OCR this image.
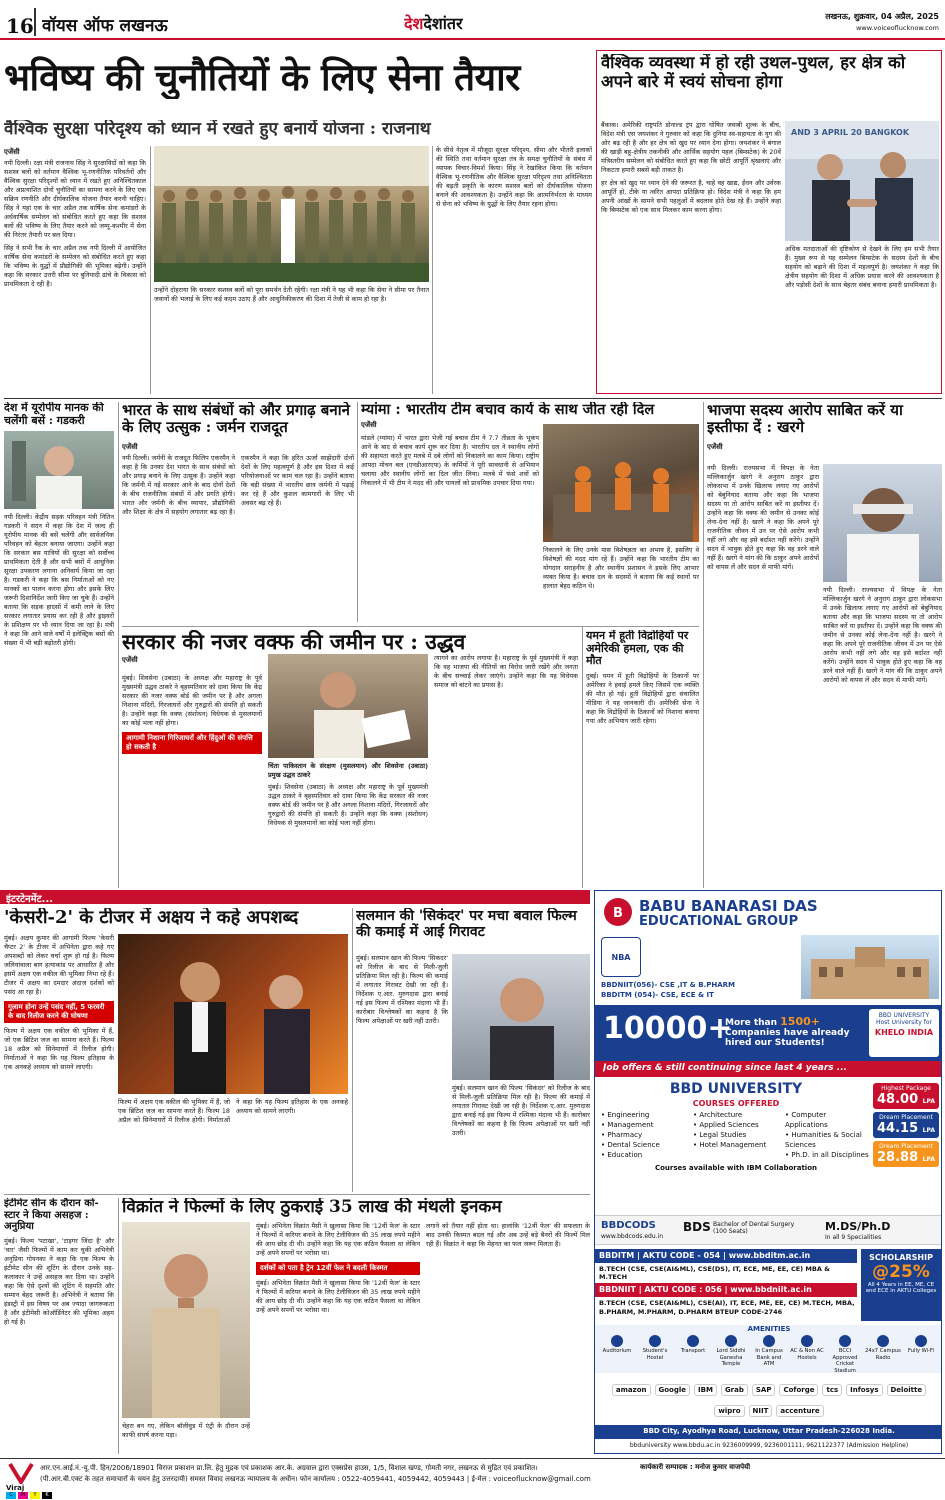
16 वॉयस ऑफ लखनऊ	देशदेशांतर	लखनऊ, शुक्रवार, 04 अप्रैल, 2025
www.voiceoflucknow.com
भविष्य की चुनौतियों के लिए सेना तैयार
वैश्विक सुरक्षा परिदृश्य को ध्यान में रखते हुए बनायें योजना : राजनाथ
एजेंसी
नयी दिल्ली। रक्षा मंत्री राजनाथ सिंह ने सुरक्षाविदों को कहा कि सशस्त्र बलों को वर्तमान वैश्विक भू-रणनीतिक परिवर्तनों और वैश्विक सुरक्षा परिदृश्यों को ध्यान में रखते हुए अनिश्चितकाल और अप्रत्याशित दोनों चुनौतियों का सामना करने के लिए एक सक्रिय रणनीति और दीर्घकालिक योजना तैयार करनी चाहिए। सिंह ने यहां एक के चार अप्रैल तक वार्षिक सेना कमांडरों के अर्धवार्षिक सम्मेलन को संबोधित करते हुए कहा कि सशस्त्र बलों की भविष्य के लिए तैयार करने को जम्मू-कश्मीर में सेना की निरंतर तैयारी पर बल दिया।
सिंह ने सभी रैंक के चार अप्रैल तक नयी दिल्ली में आयोजित वार्षिक सेना कमांडरों के सम्मेलन को संबोधित करते हुए कहा कि भविष्य के युद्धों में प्रौद्योगिकी की भूमिका बढ़ेगी। उन्होंने कहा कि सरकार उत्तरी सीमा पर बुनियादी ढांचे के विकास को प्राथमिकता दे रही है।
उन्होंने दोहराया कि सरकार सशस्त्र बलों को पूरा समर्थन देती रहेगी। रक्षा मंत्री ने यह भी कहा कि सेना ने सीमा पर तैनात जवानों की भलाई के लिए कई कदम उठाए हैं और आधुनिकीकरण की दिशा में तेजी से काम हो रहा है।
के सीधे नेतृत्व में मौजूदा सुरक्षा परिदृश्य, सीमा और भीतरी इलाकों की स्थिति तथा वर्तमान सुरक्षा तंत्र के समक्ष चुनौतियों के संबंध में व्यापक विचार-विमर्श किया। सिंह ने रेखांकित किया कि वर्तमान वैश्विक भू-रणनीतिक और वैश्विक सुरक्षा परिदृश्य तथा अनिश्चितता की बढ़ती प्रकृति के कारण सशस्त्र बलों को दीर्घकालिक योजना बनाने की आवश्यकता है। उन्होंने कहा कि आत्मनिर्भरता के माध्यम से सेना को भविष्य के युद्धों के लिए तैयार रहना होगा।
वैश्विक व्यवस्था में हो रही उथल-पुथल, हर क्षेत्र को अपने बारे में स्वयं सोचना होगा
बैंकाक। अमेरिकी राष्ट्रपति डोनाल्ड ट्रंप द्वारा घोषित जवाबी शुल्क के बीच, विदेश मंत्री एस जयशंकर ने गुरुवार को कहा कि दुनिया स्व-सहायता के युग की ओर बढ़ रही है और हर क्षेत्र को खुद पर ध्यान देना होगा। जयशंकर ने बंगाल की खाड़ी बहु-क्षेत्रीय तकनीकी और आर्थिक सहयोग पहल (बिम्सटेक) के 20वें मंत्रिस्तरीय सम्मेलन को संबोधित करते हुए कहा कि छोटी आपूर्ति श्रृंखलाएं और निकटता हमारी सबसे बड़ी ताकत है।
हर क्षेत्र को खुद पर ध्यान देने की जरूरत है, चाहे वह खाद्य, ईंधन और उर्वरक आपूर्ति हो, टीके या त्वरित आपदा प्रतिक्रिया हो। विदेश मंत्री ने कहा कि हम अपनी आंखों के सामने सभी पहलुओं में बदलाव होते देख रहे हैं। उन्होंने कहा कि बिम्सटेक को एक साथ मिलकर काम करना होगा।
AND 3 APRIL 20 BANGKOK
अधिक मतदाताओं की दृष्टिकोण से देखने के लिए हम सभी तैयार हैं। मुख्य रूप से यह सम्मेलन बिम्सटेक के सदस्य देशों के बीच सहयोग को बढ़ाने की दिशा में महत्वपूर्ण है। जयशंकर ने कहा कि क्षेत्रीय सहयोग की दिशा में अधिक प्रयास करने की आवश्यकता है और पड़ोसी देशों के साथ बेहतर संबंध बनाना हमारी प्राथमिकता है।
देश में यूरोपीय मानक की चलेंगी बसें : गडकरी
नयी दिल्ली। केंद्रीय सड़क परिवहन मंत्री नितिन गडकरी ने सदन में कहा कि देश में जल्द ही यूरोपीय मानक की बसें चलेंगी और सार्वजनिक परिवहन को बेहतर बनाया जाएगा। उन्होंने कहा कि सरकार बस यात्रियों की सुरक्षा को सर्वोच्च प्राथमिकता देती है और सभी बसों में आधुनिक सुरक्षा उपकरण लगाना अनिवार्य किया जा रहा है। गडकरी ने कहा कि बस निर्माताओं को नए मानकों का पालन करना होगा और इसके लिए जरूरी दिशानिर्देश जारी किए जा चुके हैं। उन्होंने बताया कि सड़क हादसों में कमी लाने के लिए सरकार लगातार प्रयास कर रही है और ड्राइवरों के प्रशिक्षण पर भी ध्यान दिया जा रहा है। मंत्री ने कहा कि आने वाले वर्षों में इलेक्ट्रिक बसों की संख्या में भी बड़ी बढ़ोतरी होगी।
भारत के साथ संबंधों को और प्रगाढ़ बनाने के लिए उत्सुक : जर्मन राजदूत
एजेंसी
नयी दिल्ली। जर्मनी के राजदूत फिलिप एकरमैन ने कहा है कि उनका देश भारत के साथ संबंधों को और प्रगाढ़ बनाने के लिए उत्सुक है। उन्होंने कहा कि जर्मनी में नई सरकार आने के बाद दोनों देशों के बीच राजनीतिक संबंधों में और प्रगति होगी। भारत और जर्मनी के बीच व्यापार, प्रौद्योगिकी और शिक्षा के क्षेत्र में सहयोग लगातार बढ़ रहा है। एकरमैन ने कहा कि हरित ऊर्जा साझेदारी दोनों देशों के लिए महत्वपूर्ण है और इस दिशा में कई परियोजनाओं पर काम चल रहा है। उन्होंने बताया कि बड़ी संख्या में भारतीय छात्र जर्मनी में पढ़ाई कर रहे हैं और कुशल कामगारों के लिए भी अवसर बढ़ रहे हैं।
म्यांमा : भारतीय टीम बचाव कार्य के साथ जीत रही दिल
एजेंसी
मांडले (म्यांमा) में भारत द्वारा भेजी गई बचाव टीम ने 7.7 तीव्रता के भूकंप आने के बाद से बचाव कार्य शुरू कर दिया है। भारतीय दल ने स्थानीय लोगों की सहायता करते हुए मलबे में दबे लोगों को निकालने का काम किया। राष्ट्रीय आपदा मोचन बल (एनडीआरएफ) के कर्मियों ने पूरी सावधानी से अभियान चलाया और स्थानीय लोगों का दिल जीत लिया। मलबे में फंसे शवों को निकालने में भी टीम ने मदद की और घायलों को प्राथमिक उपचार दिया गया।
निकालने के लिए उनके पास विशेषज्ञता का अभाव है, इसलिए वे विशेषज्ञों की मदद मांग रहे हैं। उन्होंने कहा कि भारतीय टीम का योगदान सराहनीय है और स्थानीय प्रशासन ने इसके लिए आभार व्यक्त किया है। बचाव दल के सदस्यों ने बताया कि कई स्थानों पर हालात बेहद कठिन थे।
भाजपा सदस्य आरोप साबित करें या इस्तीफा दें : खरगे
एजेंसी
नयी दिल्ली। राज्यसभा में विपक्ष के नेता मल्लिकार्जुन खरगे ने अनुराग ठाकुर द्वारा लोकसभा में उनके खिलाफ लगाए गए आरोपों को बेबुनियाद बताया और कहा कि भाजपा सदस्य या तो आरोप साबित करें या इस्तीफा दें। उन्होंने कहा कि वक्फ की जमीन से उनका कोई लेना-देना नहीं है। खरगे ने कहा कि अपने पूरे राजनीतिक जीवन में उन पर ऐसे आरोप कभी नहीं लगे और वह इसे बर्दाश्त नहीं करेंगे। उन्होंने सदन में भावुक होते हुए कहा कि वह डरने वाले नहीं हैं। खरगे ने मांग की कि ठाकुर अपने आरोपों को वापस लें और सदन से माफी मांगें।
नयी दिल्ली। राज्यसभा में विपक्ष के नेता मल्लिकार्जुन खरगे ने अनुराग ठाकुर द्वारा लोकसभा में उनके खिलाफ लगाए गए आरोपों को बेबुनियाद बताया और कहा कि भाजपा सदस्य या तो आरोप साबित करें या इस्तीफा दें। उन्होंने कहा कि वक्फ की जमीन से उनका कोई लेना-देना नहीं है। खरगे ने कहा कि अपने पूरे राजनीतिक जीवन में उन पर ऐसे आरोप कभी नहीं लगे और वह इसे बर्दाश्त नहीं करेंगे। उन्होंने सदन में भावुक होते हुए कहा कि वह डरने वाले नहीं हैं। खरगे ने मांग की कि ठाकुर अपने आरोपों को वापस लें और सदन से माफी मांगें।
सरकार की नजर वक्फ की जमीन पर : उद्धव
एजेंसी
मुंबई। शिवसेना (उबाठा) के अध्यक्ष और महाराष्ट्र के पूर्व मुख्यमंत्री उद्धव ठाकरे ने बृहस्पतिवार को दावा किया कि केंद्र सरकार की नजर वक्फ बोर्ड की जमीन पर है और अगला निशाना मंदिरों, गिरजाघरों और गुरुद्वारों की संपत्ति हो सकती है। उन्होंने कहा कि वक्फ (संशोधन) विधेयक से मुसलमानों का कोई भला नहीं होगा।
आगामी निशाना गिरिजाघरों और हिंदुओं की संपत्ति हो सकती है
चिंता पाकिस्तान के संरक्षण (मुसलमान) और शिवसेना (उबाठा) प्रमुख उद्धव ठाकरे
मुंबई। शिवसेना (उबाठा) के अध्यक्ष और महाराष्ट्र के पूर्व मुख्यमंत्री उद्धव ठाकरे ने बृहस्पतिवार को दावा किया कि केंद्र सरकार की नजर वक्फ बोर्ड की जमीन पर है और अगला निशाना मंदिरों, गिरजाघरों और गुरुद्वारों की संपत्ति हो सकती है। उन्होंने कहा कि वक्फ (संशोधन) विधेयक से मुसलमानों का कोई भला नहीं होगा।
त्यागने का आरोप लगाया है। महाराष्ट्र के पूर्व मुख्यमंत्री ने कहा कि वह भाजपा की नीतियों का विरोध जारी रखेंगे और जनता के बीच सच्चाई लेकर जाएंगे। उन्होंने कहा कि यह विधेयक समाज को बांटने का प्रयास है।
यमन में हूती विद्रोहियों पर अमेरिकी हमला, एक की मौत
दुबई। यमन में हूती विद्रोहियों के ठिकानों पर अमेरिका ने हवाई हमले किए जिसमें एक व्यक्ति की मौत हो गई। हूती विद्रोहियों द्वारा संचालित मीडिया ने यह जानकारी दी। अमेरिकी सेना ने कहा कि विद्रोहियों के ठिकानों को निशाना बनाया गया और अभियान जारी रहेगा।
इंटरटेनमेंट...
'केसरी-2' के टीजर में अक्षय ने कहे अपशब्द
मुंबई। अक्षय कुमार की आगामी फिल्म 'केसरी चैप्टर 2' के टीजर में अभिनेता द्वारा कहे गए अपशब्दों को लेकर चर्चा शुरू हो गई है। फिल्म जलियांवाला बाग हत्याकांड पर आधारित है और इसमें अक्षय एक वकील की भूमिका निभा रहे हैं। टीजर में अक्षय का दमदार अंदाज दर्शकों को पसंद आ रहा है।
गुलाम होना उन्हें पसंद नहीं, 5 फरवरी के बाद रिलीज करने की घोषणा
फिल्म में अक्षय एक वकील की भूमिका में हैं, जो एक ब्रिटिश जज का सामना करते हैं। फिल्म 18 अप्रैल को सिनेमाघरों में रिलीज होगी। निर्माताओं ने कहा कि यह फिल्म इतिहास के एक अनकहे अध्याय को सामने लाएगी।
फिल्म में अक्षय एक वकील की भूमिका में हैं, जो एक ब्रिटिश जज का सामना करते हैं। फिल्म 18 अप्रैल को सिनेमाघरों में रिलीज होगी। निर्माताओं ने कहा कि यह फिल्म इतिहास के एक अनकहे अध्याय को सामने लाएगी।
सलमान की 'सिकंदर' पर मचा बवाल फिल्म की कमाई में आई गिरावट
मुंबई। सलमान खान की फिल्म 'सिकंदर' को रिलीज के बाद से मिली-जुली प्रतिक्रिया मिल रही है। फिल्म की कमाई में लगातार गिरावट देखी जा रही है। निर्देशक ए.आर. मुरुगदास द्वारा बनाई गई इस फिल्म में रश्मिका मंदाना भी हैं। कारोबार विश्लेषकों का कहना है कि फिल्म अपेक्षाओं पर खरी नहीं उतरी।
मुंबई। सलमान खान की फिल्म 'सिकंदर' को रिलीज के बाद से मिली-जुली प्रतिक्रिया मिल रही है। फिल्म की कमाई में लगातार गिरावट देखी जा रही है। निर्देशक ए.आर. मुरुगदास द्वारा बनाई गई इस फिल्म में रश्मिका मंदाना भी हैं। कारोबार विश्लेषकों का कहना है कि फिल्म अपेक्षाओं पर खरी नहीं उतरी।
इंटीमेट सीन के दौरान को- स्टार ने किया असहज : अनुप्रिया
मुंबई। फिल्म 'पटाखा', 'टाइगर जिंदा है' और 'वार' जैसी फिल्मों में काम कर चुकी अभिनेत्री अनुप्रिया गोयनका ने कहा कि एक फिल्म के इंटीमेट सीन की शूटिंग के दौरान उनके सह-कलाकार ने उन्हें असहज कर दिया था। उन्होंने कहा कि ऐसे दृश्यों की शूटिंग में सहमति और सम्मान बेहद जरूरी है। अभिनेत्री ने बताया कि इंडस्ट्री में इस विषय पर अब ज्यादा जागरूकता है और इंटीमेसी कोऑर्डिनेटर की भूमिका अहम हो गई है।
विक्रांत ने फिल्मों के लिए ठुकराई 35 लाख की मंथली इनकम
चेहरा बन गए, लेकिन बॉलीवुड में एंट्री के दौरान उन्हें काफी संघर्ष करना पड़ा।
मुंबई। अभिनेता विक्रांत मैसी ने खुलासा किया कि '12वीं फेल' के स्टार ने फिल्मों में करियर बनाने के लिए टेलीविजन की 35 लाख रुपये महीने की आय छोड़ दी थी। उन्होंने कहा कि यह एक कठिन फैसला था लेकिन उन्हें अपने सपनों पर भरोसा था।
दर्शकों को पता है ट्रेन 12वीं फेल ने बदली किस्मत
मुंबई। अभिनेता विक्रांत मैसी ने खुलासा किया कि '12वीं फेल' के स्टार ने फिल्मों में करियर बनाने के लिए टेलीविजन की 35 लाख रुपये महीने की आय छोड़ दी थी। उन्होंने कहा कि यह एक कठिन फैसला था लेकिन उन्हें अपने सपनों पर भरोसा था।
लगाने को तैयार नहीं होता था। हालांकि '12वीं फेल' की सफलता के बाद उनकी किस्मत बदल गई और अब उन्हें बड़े बैनरों की फिल्में मिल रही हैं। विक्रांत ने कहा कि मेहनत का फल जरूर मिलता है।
B BABU BANARASI DAS
EDUCATIONAL GROUP
NBA
BBDNIIT(056)- CSE ,IT & B.PHARM
BBDITM (054)- CSE, ECE & IT
10000+
More than 1500+ Companies have already hired our Students!
BBD UNIVERSITY Host University for
KHELO INDIA
Job offers & still continuing since last 4 years ...
BBD UNIVERSITY
COURSES OFFERED
• Engineering
• Management
• Pharmacy
• Dental Science
• Education
• Architecture
• Applied Sciences
• Legal Studies
• Hotel Management
• Computer Applications
• Humanities & Social Sciences
• Ph.D. in all Disciplines
Courses available with IBM Collaboration
Highest Package
48.00 LPA
Dream Placement
44.15 LPA
Dream Placement
28.88 LPA
BBDCODS
www.bbdcods.edu.in
BDS Bachelor of Dental Surgery (100 Seats)	M.DS/Ph.D
In all 9 Specialities
BBDITM | AKTU CODE - 054 | www.bbditm.ac.in
B.TECH (CSE, CSE(AI&ML), CSE(DS), IT, ECE, ME, EE, CE) MBA & M.TECH
BBDNIIT | AKTU CODE : 056 | www.bbdniit.ac.in
B.TECH (CSE, CSE(AI&ML), CSE(AI), IT, ECE, ME, EE, CE) M.TECH, MBA, B.PHARM, M.PHARM, D.PHARM BTEUP CODE-2746
SCHOLARSHIP
@25%
All 4 Years in EE, ME, CE and ECE in AKTU Colleges
AMENITIES
Auditorium	Student's Hostel
Transport	Lord Siddhi Ganesha Temple
In Campus Bank and ATM
AC & Non AC Hostels
BCCI Approved Cricket Stadium
24x7 Campus Radio
Fully Wi-Fi
amazon Google IBM Grab SAP Coforge tcs Infosys Deloittewipro NIIT accenture
BBD City, Ayodhya Road, Lucknow, Uttar Pradesh-226028 India.
bbduniversity www.bbdu.ac.in 9236009999, 9236001111, 9621122377 (Admission Helpline)
Viraj
आर.एन.आई.नं.-यू.पी. हिन/2006/18901 विराज प्रकाशन प्रा.लि. हेतु मुद्रक एवं प्रकाशक आर.के. अग्रवाल द्वारा एक्सप्रेस हाउस, 1/5, विशाल खण्ड, गोमती नगर, लखनऊ से मुद्रित एवं प्रकाशित।	कार्यकारी सम्पादक : मनोज कुमार वाजपेयी
(पी.आर.बी.एक्ट के तहत समाचारों के चयन हेतु उत्तरदायी) समस्त विवाद लखनऊ न्यायालय के अधीन। फोन कार्यालय : 0522-4059441, 4059442, 4059443 | ई-मेल : voiceoflucknow@gmail.com
C	M	Y	K
